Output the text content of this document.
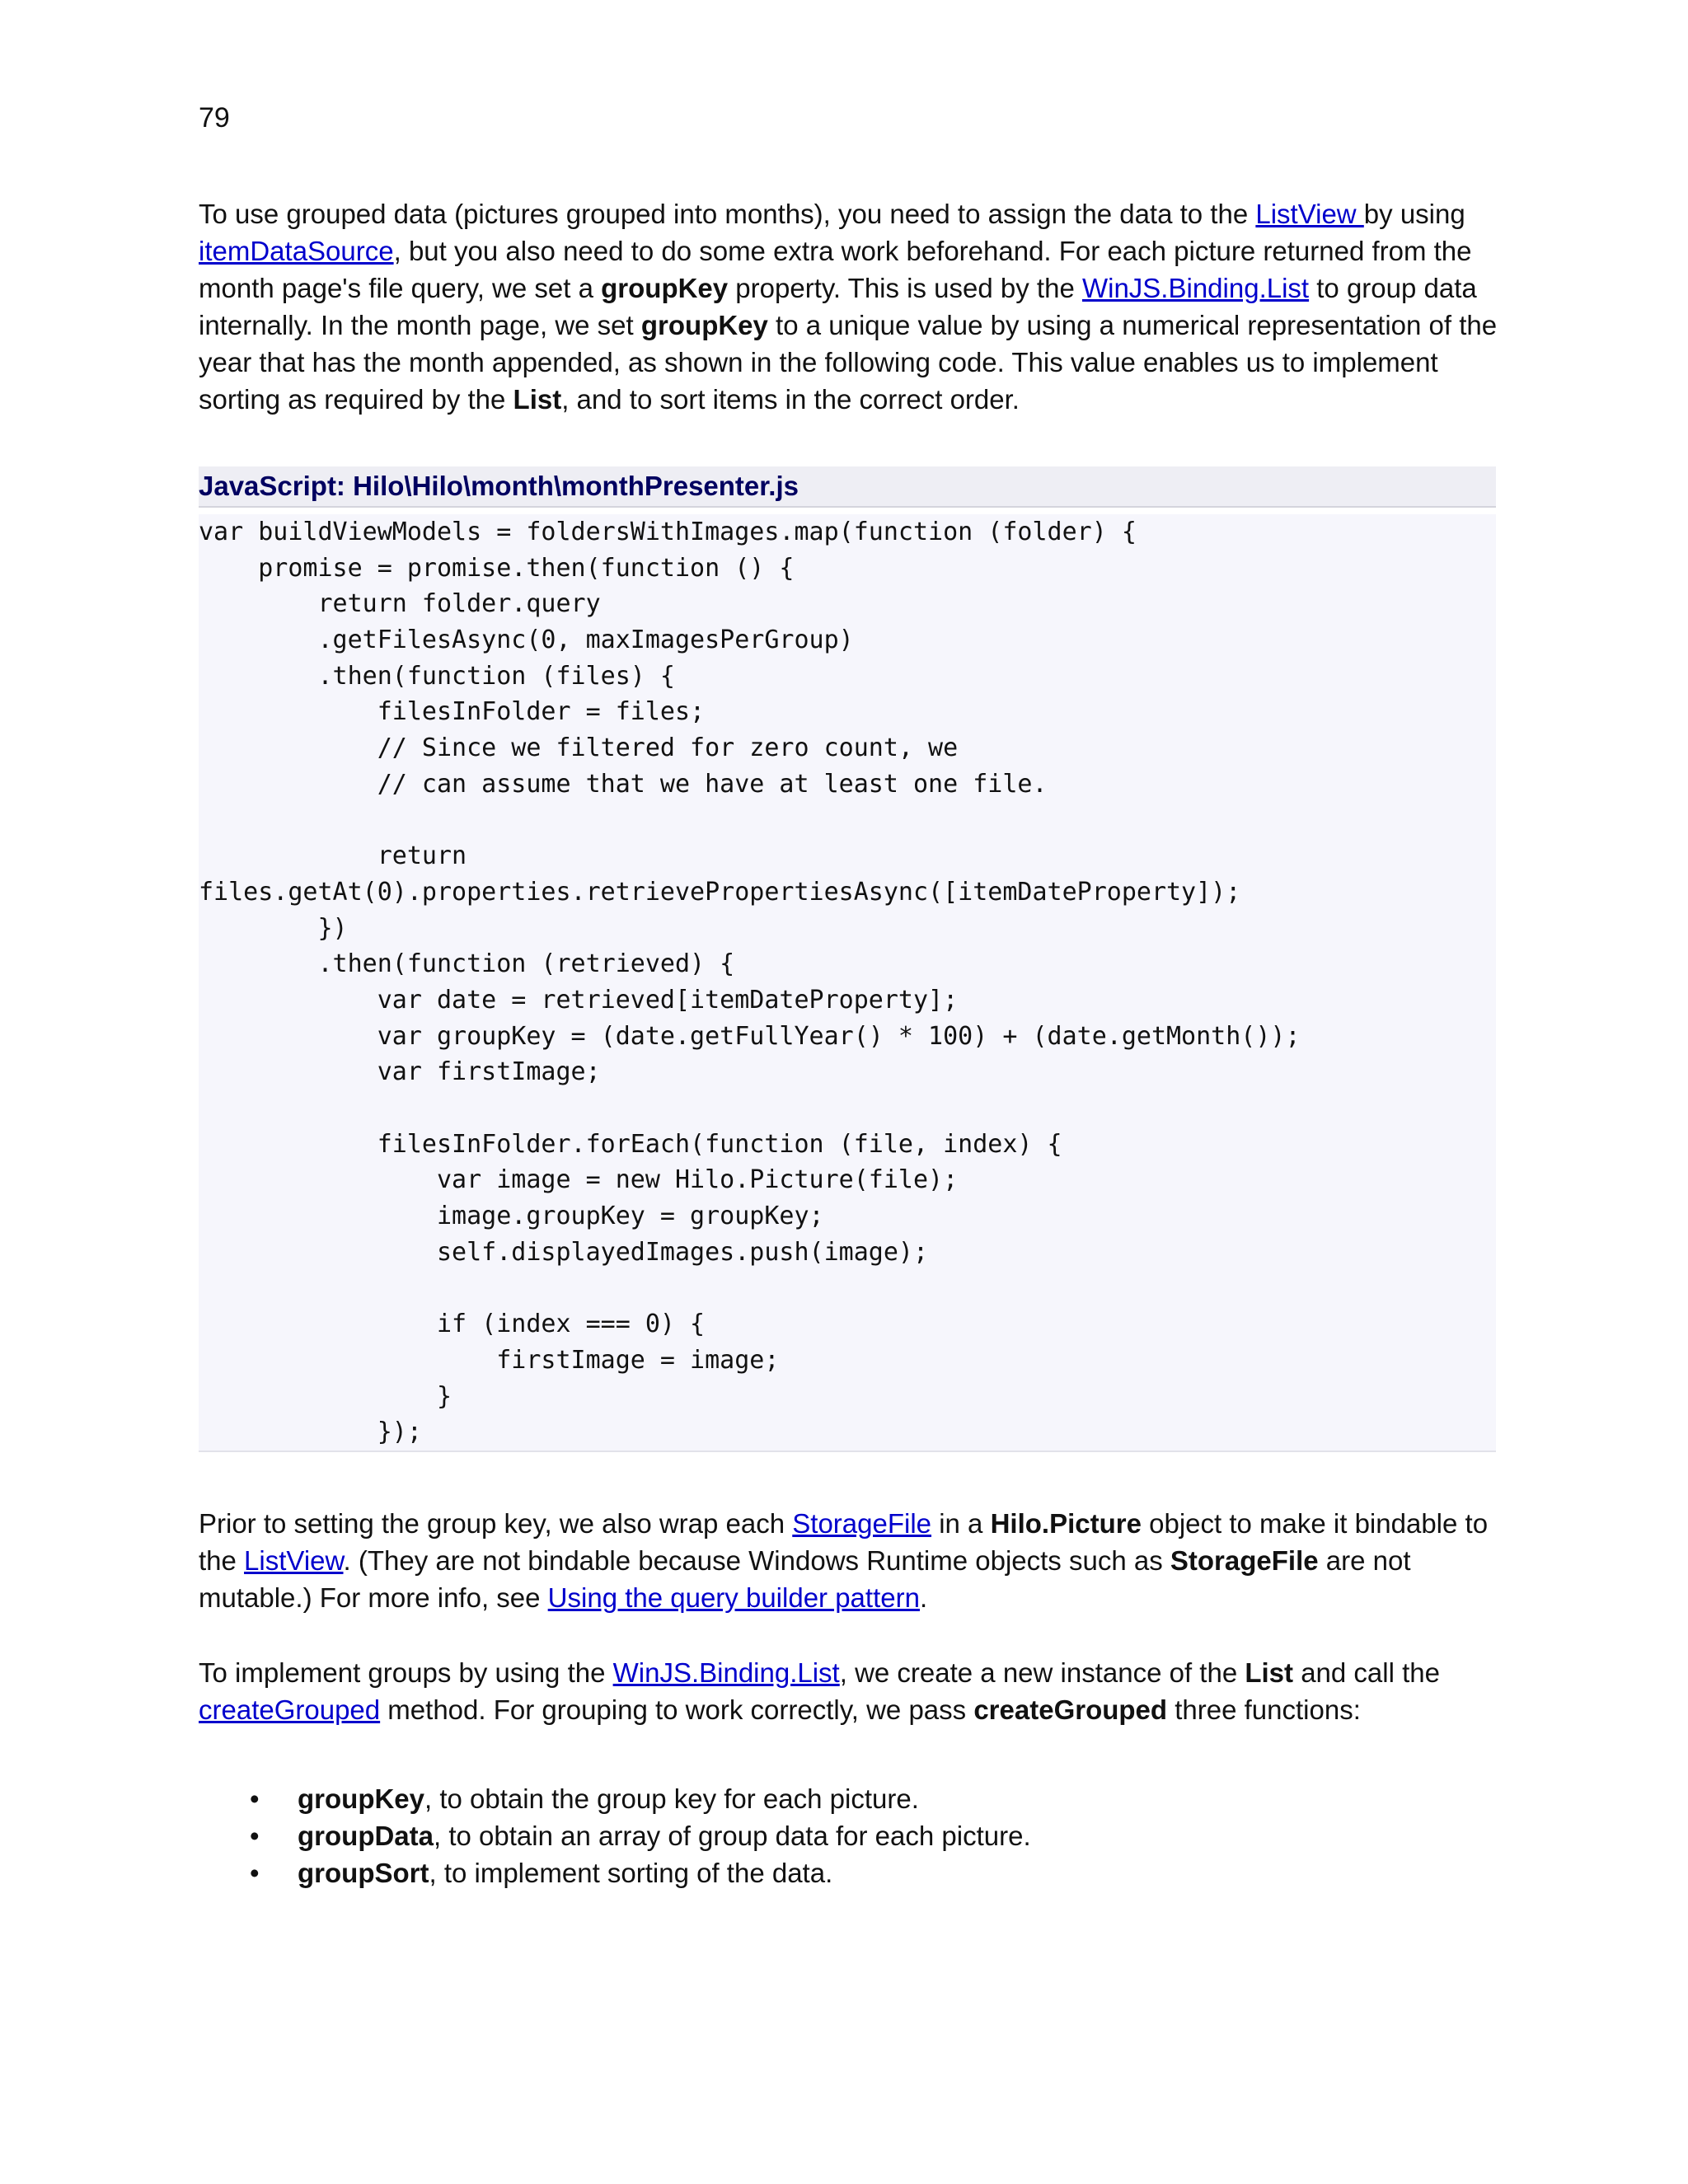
79

To use grouped data (pictures grouped into months), you need to assign the data to the ListView by using itemDataSource, but you also need to do some extra work beforehand. For each picture returned from the month page's file query, we set a groupKey property. This is used by the WinJS.Binding.List to group data internally. In the month page, we set groupKey to a unique value by using a numerical representation of the year that has the month appended, as shown in the following code. This value enables us to implement sorting as required by the List, and to sort items in the correct order.

JavaScript: Hilo\Hilo\month\monthPresenter.js
var buildViewModels = foldersWithImages.map(function (folder) {
promise = promise.then(function () {
return folder.query
.getFilesAsync(0, maxImagesPerGroup)
.then(function (files) {
filesInFolder = files;
// Since we filtered for zero count, we
// can assume that we have at least one file.
return
files.getAt(0).properties.retrievePropertiesAsync([itemDateProperty]);
})
.then(function (retrieved) {
var date = retrieved[itemDateProperty];
var groupKey = (date.getFullYear() * 100) + (date.getMonth());
var firstImage;
filesInFolder.forEach(function (file, index) {
var image = new Hilo.Picture(file);
image.groupKey = groupKey;
self.displayedImages.push(image);
if (index === 0) {
firstImage = image;
}
});

Prior to setting the group key, we also wrap each StorageFile in a Hilo.Picture object to make it bindable to the ListView. (They are not bindable because Windows Runtime objects such as StorageFile are not mutable.) For more info, see Using the query builder pattern.

To implement groups by using the WinJS.Binding.List, we create a new instance of the List and call the createGrouped method. For grouping to work correctly, we pass createGrouped three functions:

• groupKey, to obtain the group key for each picture.
• groupData, to obtain an array of group data for each picture.
• groupSort, to implement sorting of the data.
